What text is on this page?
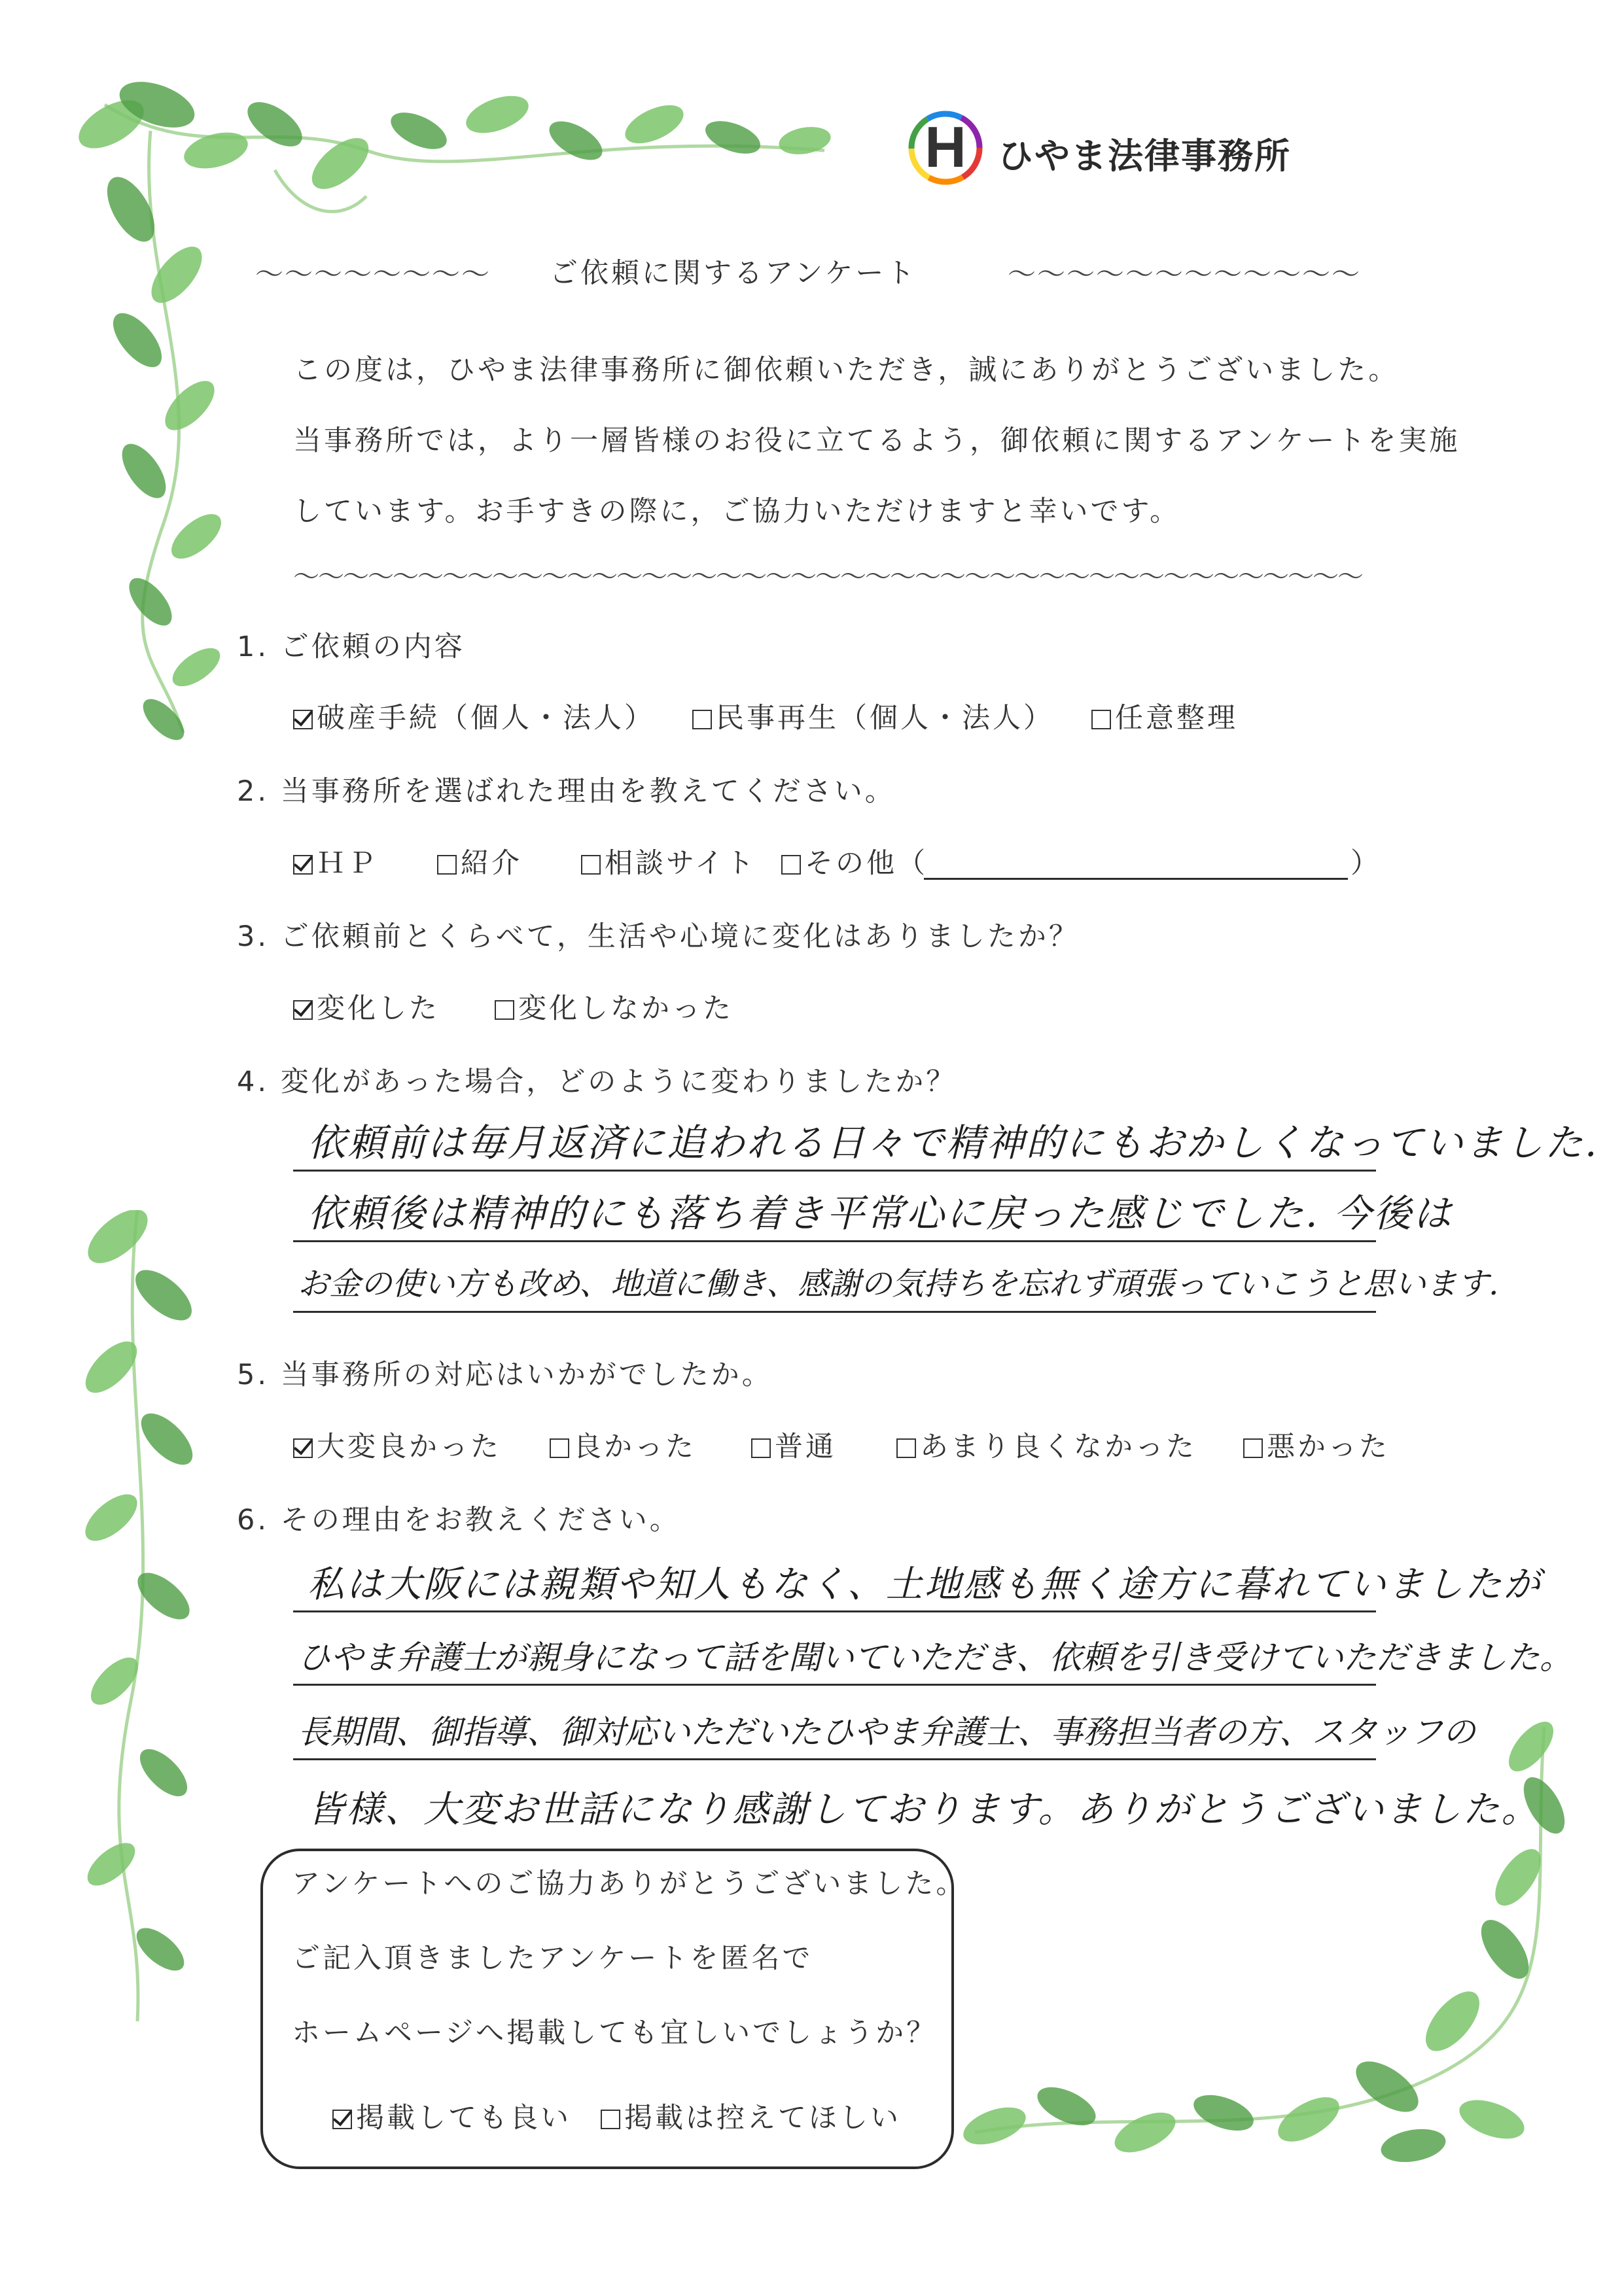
H ひやま法律事務所
～～～～～～～～ ご依頼に関するアンケート	～～～～～～～～～～～～
この度は，ひやま法律事務所に御依頼いただき，誠にありがとうございました。
当事務所では，より一層皆様のお役に立てるよう，御依頼に関するアンケートを実施
しています。お手すきの際に，ご協力いただけますと幸いです。
～～～～～～～～～～～～～～～～～～～～～～～～～～～～～～～～～～～～～～～～～～～
1. ご依頼の内容
破産手続（個人・法人）	民事再生（個人・法人）	任意整理
2. 当事務所を選ばれた理由を教えてください。
ＨＰ	紹介	相談サイト	その他（	）
3. ご依頼前とくらべて，生活や心境に変化はありましたか？
変化した	変化しなかった
4. 変化があった場合，どのように変わりましたか？
依頼前は毎月返済に追われる日々で精神的にもおかしくなっていました.
依頼後は精神的にも落ち着き平常心に戻った感じでした. 今後は
お金の使い方も改め、地道に働き、感謝の気持ちを忘れず頑張っていこうと思います.
5. 当事務所の対応はいかがでしたか。
大変良かった	良かった	普通	あまり良くなかった	悪かった
6. その理由をお教えください。
私は大阪には親類や知人もなく、土地感も無く途方に暮れていましたが
ひやま弁護士が親身になって話を聞いていただき、依頼を引き受けていただきました。
長期間、御指導、御対応いただいたひやま弁護士、事務担当者の方、スタッフの
皆様、大変お世話になり感謝しております。ありがとうございました。
アンケートへのご協力ありがとうございました。
ご記入頂きましたアンケートを匿名で
ホームページへ掲載しても宜しいでしょうか？
掲載しても良い	掲載は控えてほしい
